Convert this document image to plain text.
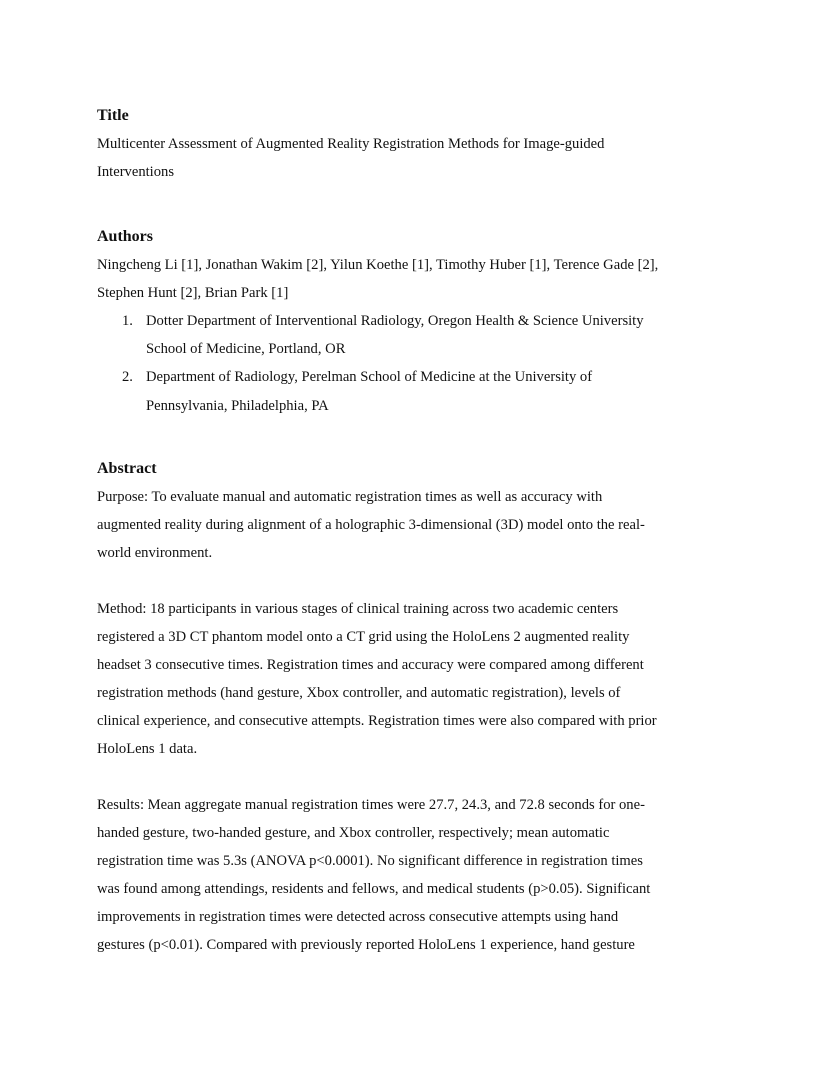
Title
Multicenter Assessment of Augmented Reality Registration Methods for Image-guided
Interventions
Authors
Ningcheng Li [1], Jonathan Wakim [2], Yilun Koethe [1], Timothy Huber [1], Terence Gade [2],
Stephen Hunt [2], Brian Park [1]
1. Dotter Department of Interventional Radiology, Oregon Health & Science University
School of Medicine, Portland, OR
2. Department of Radiology, Perelman School of Medicine at the University of
Pennsylvania, Philadelphia, PA
Abstract
Purpose: To evaluate manual and automatic registration times as well as accuracy with
augmented reality during alignment of a holographic 3-dimensional (3D) model onto the real-
world environment.
Method: 18 participants in various stages of clinical training across two academic centers
registered a 3D CT phantom model onto a CT grid using the HoloLens 2 augmented reality
headset 3 consecutive times. Registration times and accuracy were compared among different
registration methods (hand gesture, Xbox controller, and automatic registration), levels of
clinical experience, and consecutive attempts. Registration times were also compared with prior
HoloLens 1 data.
Results: Mean aggregate manual registration times were 27.7, 24.3, and 72.8 seconds for one-
handed gesture, two-handed gesture, and Xbox controller, respectively; mean automatic
registration time was 5.3s (ANOVA p<0.0001). No significant difference in registration times
was found among attendings, residents and fellows, and medical students (p>0.05). Significant
improvements in registration times were detected across consecutive attempts using hand
gestures (p<0.01). Compared with previously reported HoloLens 1 experience, hand gesture
